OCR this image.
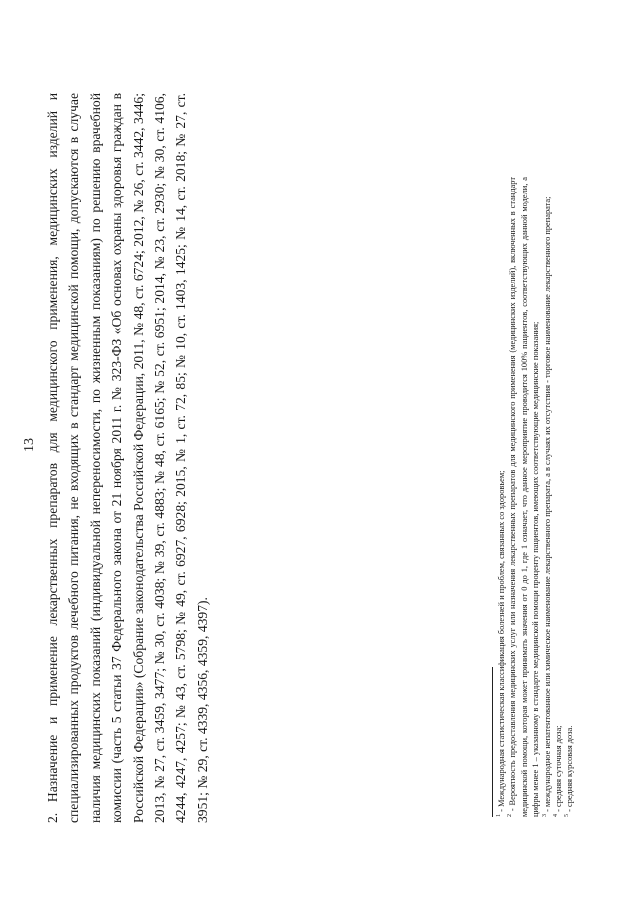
13 2. Назначение и применение лекарственных препаратов для медицинского применения, медицинских изделий и специализированных продуктов лечебного питания, не входящих в стандарт медицинской помощи, допускаются в случае наличия медицинских показаний (индивидуальной непереносимости, по жизненным показаниям) по решению врачебной комиссии (часть 5 статьи 37 Федерального закона от 21 ноября 2011 г. № 323-ФЗ «Об основах охраны здоровья граждан в Российской Федерации» (Собрание законодательства Российской Федерации, 2011, № 48, ст. 6724; 2012, № 26, ст. 3442, 3446; 2013, № 27, ст. 3459, 3477; № 30, ст. 4038; № 39, ст. 4883; № 48, ст. 6165; № 52, ст. 6951; 2014, № 23, ст. 2930; № 30, ст. 4106, 4244, 4247, 4257; № 43, ст. 5798; № 49, ст. 6927, 6928; 2015, № 1, ст. 72, 85; № 10, ст. 1403, 1425; № 14, ст. 2018; № 27, ст. 3951; № 29, ст. 4339, 4356, 4359, 4397).	$^1$ - Международная статистическая классификация болезней и проблем, связанных со здоровьем;
$^2$ - Вероятность предоставления медицинских услуг или назначения лекарственных препаратов для медицинского применения (медицинских изделий), включенных в стандарт медицинской помощи, которая может принимать значения от 0 до 1, где 1 означает, что данное мероприятие проводится 100% пациентов, соответствующих данной модели, а цифры менее 1 – указанному в стандарте медицинской помощи проценту пациентов, имеющих соответствующие медицинские показания; $^3$ - международное непатентованное или химическое наименование лекарственного препарата, а в случаях их отсутствия - торговое наименование лекарственного препарата;
$^4$ - средняя суточная доза;
$^5$ - средняя курсовая доза.
